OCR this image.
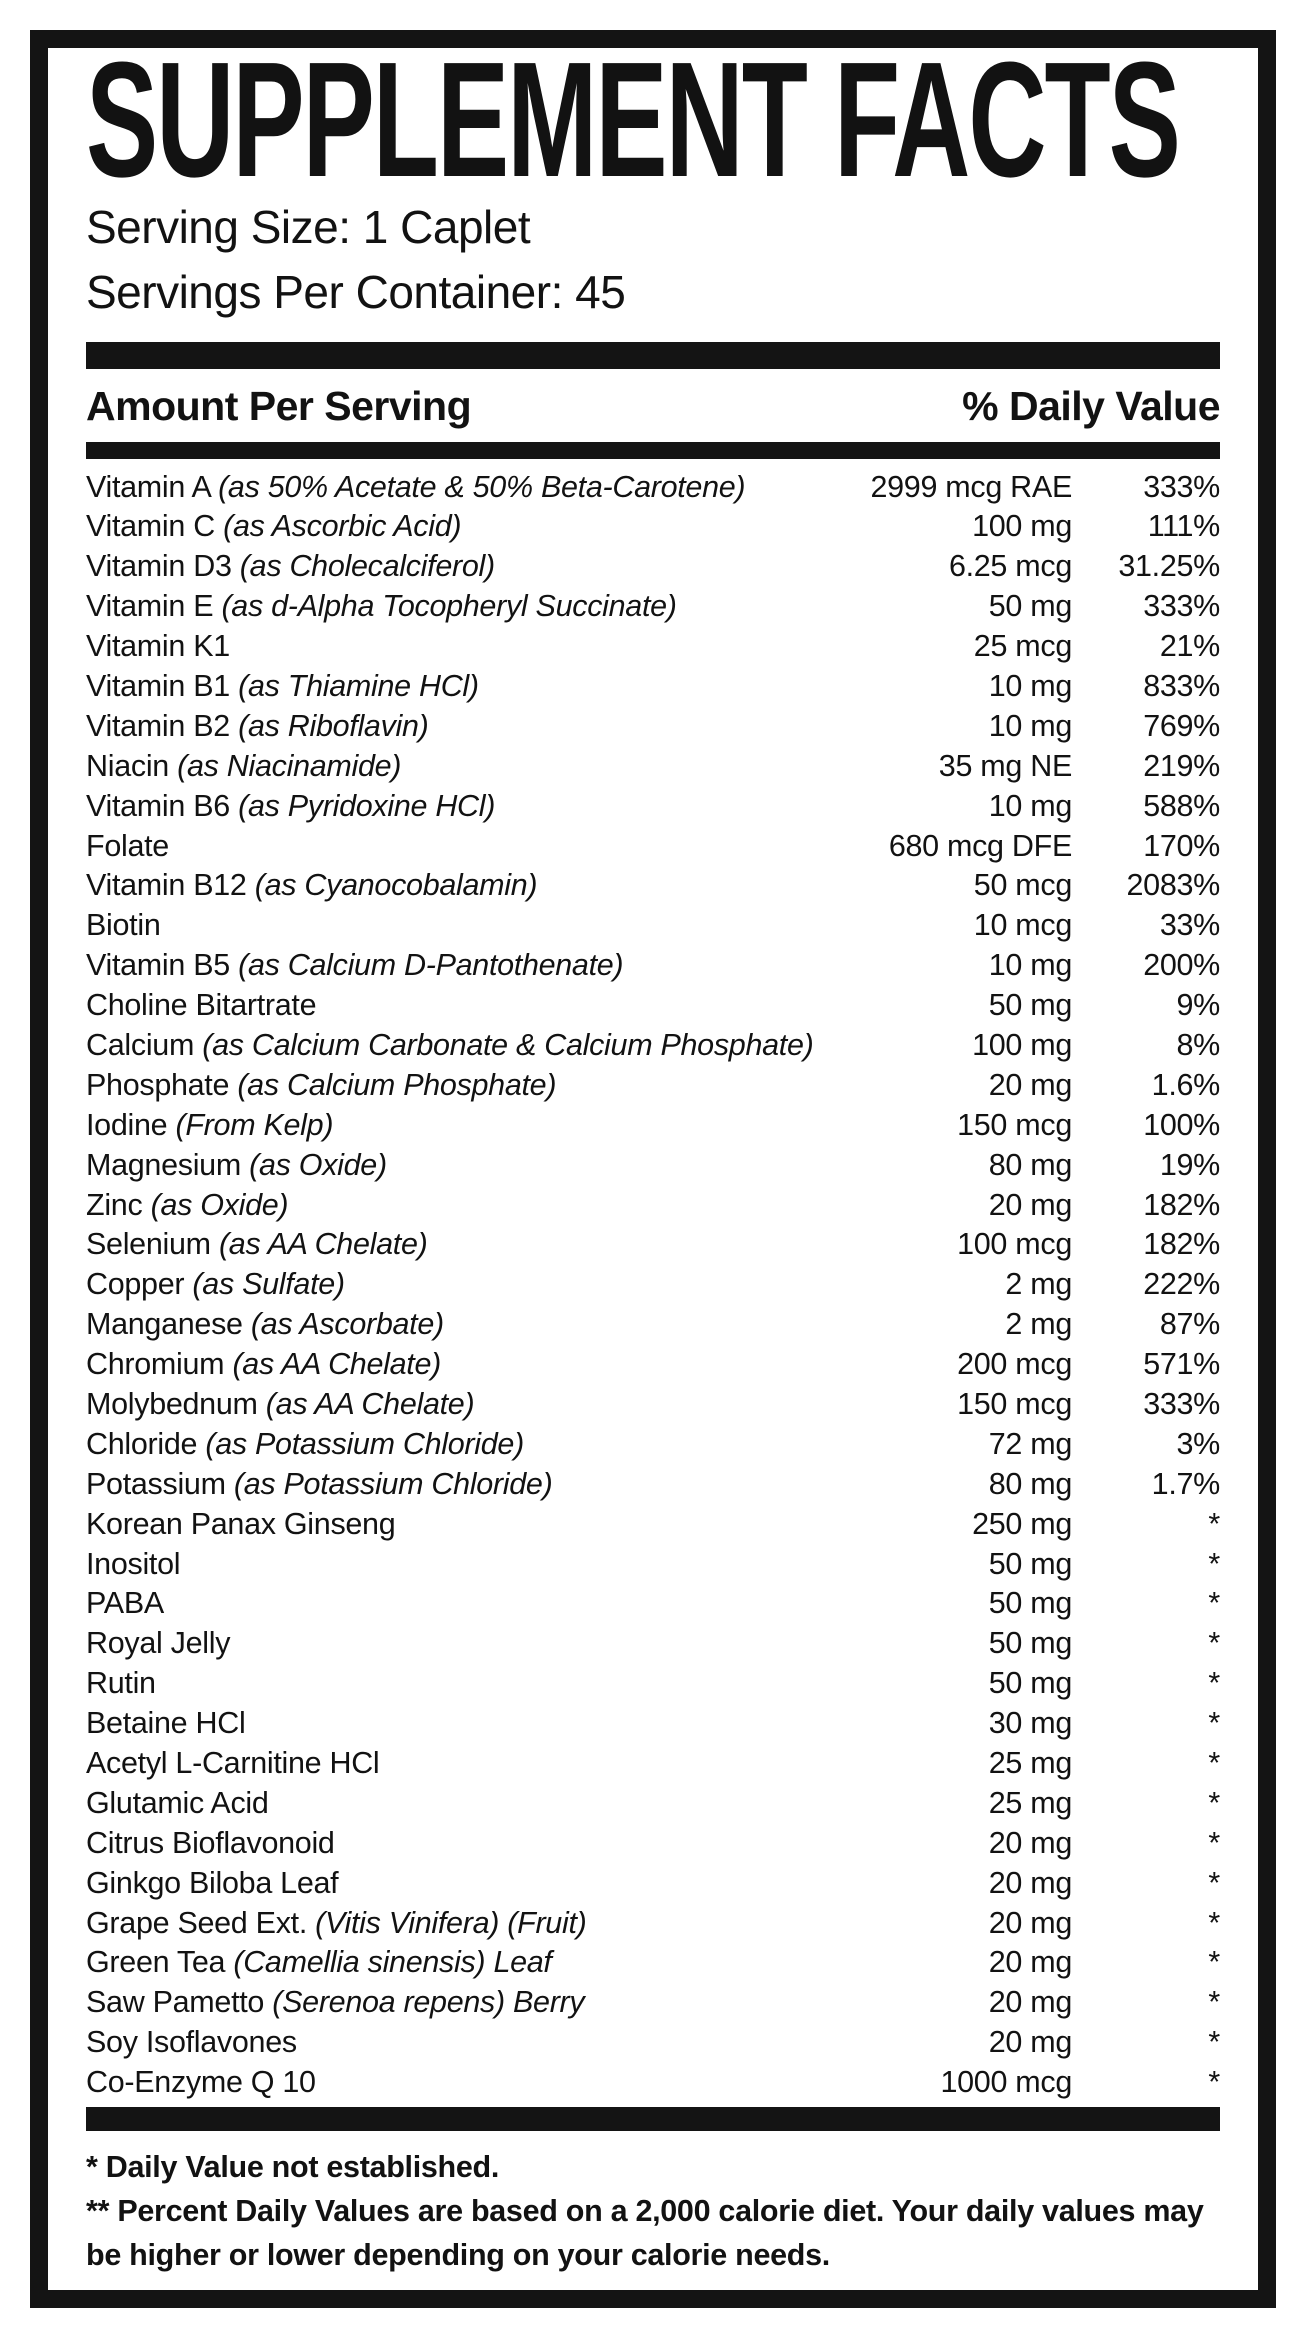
SUPPLEMENT FACTS
Serving Size: 1 Caplet
Servings Per Container: 45
Amount Per Serving	% Daily Value
Vitamin A (as 50% Acetate & 50% Beta-Carotene)	2999 mcg RAE	333%
Vitamin C (as Ascorbic Acid)	100 mg	111%
Vitamin D3 (as Cholecalciferol)	6.25 mcg	31.25%
Vitamin E (as d-Alpha Tocopheryl Succinate)	50 mg	333%
Vitamin K1	25 mcg	21%
Vitamin B1 (as Thiamine HCl)	10 mg	833%
Vitamin B2 (as Riboflavin)	10 mg	769%
Niacin (as Niacinamide)	35 mg NE	219%
Vitamin B6 (as Pyridoxine HCl)	10 mg	588%
Folate	680 mcg DFE	170%
Vitamin B12 (as Cyanocobalamin)	50 mcg	2083%
Biotin	10 mcg	33%
Vitamin B5 (as Calcium D-Pantothenate)	10 mg	200%
Choline Bitartrate	50 mg	9%
Calcium (as Calcium Carbonate & Calcium Phosphate)	100 mg	8%
Phosphate (as Calcium Phosphate)	20 mg	1.6%
Iodine (From Kelp)	150 mcg	100%
Magnesium (as Oxide)	80 mg	19%
Zinc (as Oxide)	20 mg	182%
Selenium (as AA Chelate)	100 mcg	182%
Copper (as Sulfate)	2 mg	222%
Manganese (as Ascorbate)	2 mg	87%
Chromium (as AA Chelate)	200 mcg	571%
Molybednum (as AA Chelate)	150 mcg	333%
Chloride (as Potassium Chloride)	72 mg	3%
Potassium (as Potassium Chloride)	80 mg	1.7%
Korean Panax Ginseng	250 mg	*
Inositol	50 mg	*
PABA	50 mg	*
Royal Jelly	50 mg	*
Rutin	50 mg	*
Betaine HCl	30 mg	*
Acetyl L-Carnitine HCl	25 mg	*
Glutamic Acid	25 mg	*
Citrus Bioflavonoid	20 mg	*
Ginkgo Biloba Leaf	20 mg	*
Grape Seed Ext. (Vitis Vinifera) (Fruit)	20 mg	*
Green Tea (Camellia sinensis) Leaf	20 mg	*
Saw Pametto (Serenoa repens) Berry	20 mg	*
Soy Isoflavones	20 mg	*
Co-Enzyme Q 10	1000 mcg	*

* Daily Value not established.

** Percent Daily Values are based on a 2,000 calorie diet. Your daily values may be higher or lower depending on your calorie needs.
